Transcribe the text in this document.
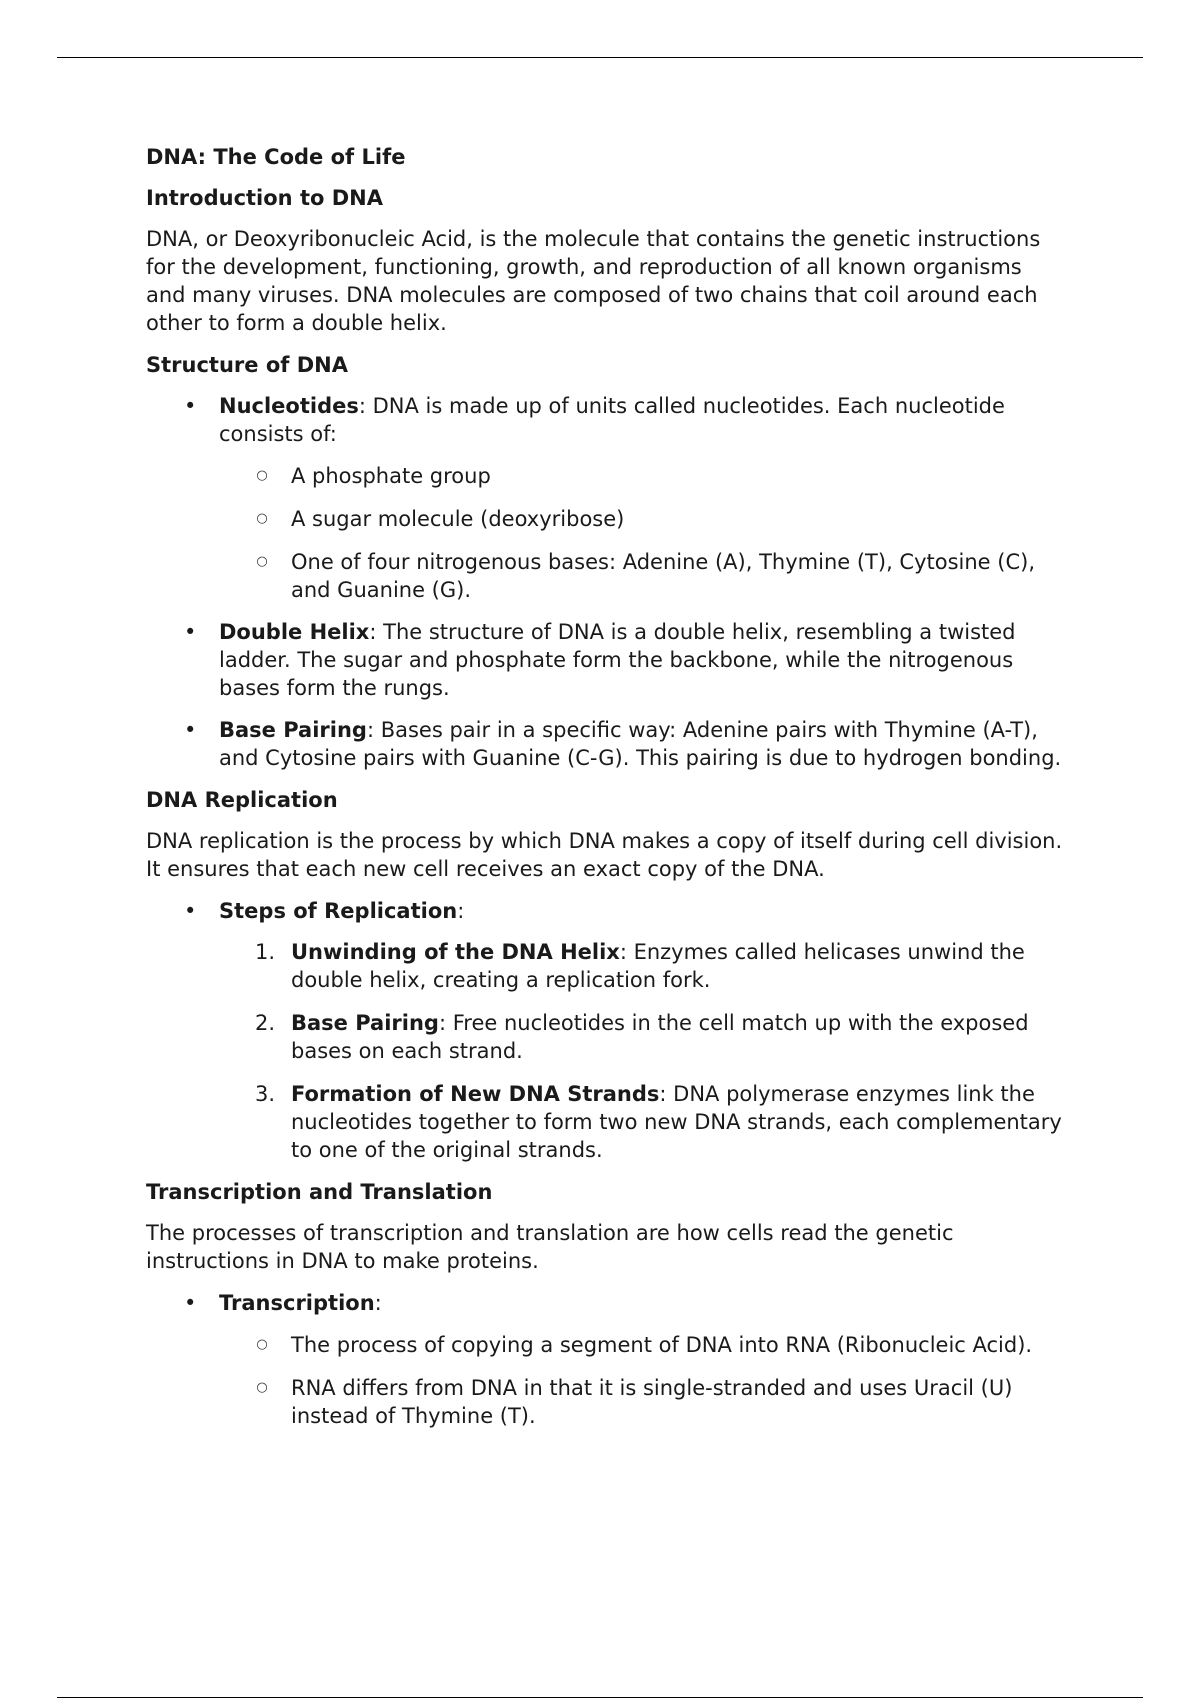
DNA: The Code of Life
Introduction to DNA
DNA, or Deoxyribonucleic Acid, is the molecule that contains the genetic instructions for the development, functioning, growth, and reproduction of all known organisms and many viruses. DNA molecules are composed of two chains that coil around each other to form a double helix.
Structure of DNA
• Nucleotides: DNA is made up of units called nucleotides. Each nucleotide consists of:
○ A phosphate group
○ A sugar molecule (deoxyribose)
○ One of four nitrogenous bases: Adenine (A), Thymine (T), Cytosine (C), and Guanine (G).
• Double Helix: The structure of DNA is a double helix, resembling a twisted ladder. The sugar and phosphate form the backbone, while the nitrogenous bases form the rungs.
• Base Pairing: Bases pair in a specific way: Adenine pairs with Thymine (A-T), and Cytosine pairs with Guanine (C-G). This pairing is due to hydrogen bonding.
DNA Replication
DNA replication is the process by which DNA makes a copy of itself during cell division. It ensures that each new cell receives an exact copy of the DNA.
• Steps of Replication:
1. Unwinding of the DNA Helix: Enzymes called helicases unwind the double helix, creating a replication fork.
2. Base Pairing: Free nucleotides in the cell match up with the exposed bases on each strand.
3. Formation of New DNA Strands: DNA polymerase enzymes link the nucleotides together to form two new DNA strands, each complementary to one of the original strands.
Transcription and Translation
The processes of transcription and translation are how cells read the genetic instructions in DNA to make proteins.
• Transcription:
○ The process of copying a segment of DNA into RNA (Ribonucleic Acid).
○ RNA differs from DNA in that it is single-stranded and uses Uracil (U) instead of Thymine (T).
